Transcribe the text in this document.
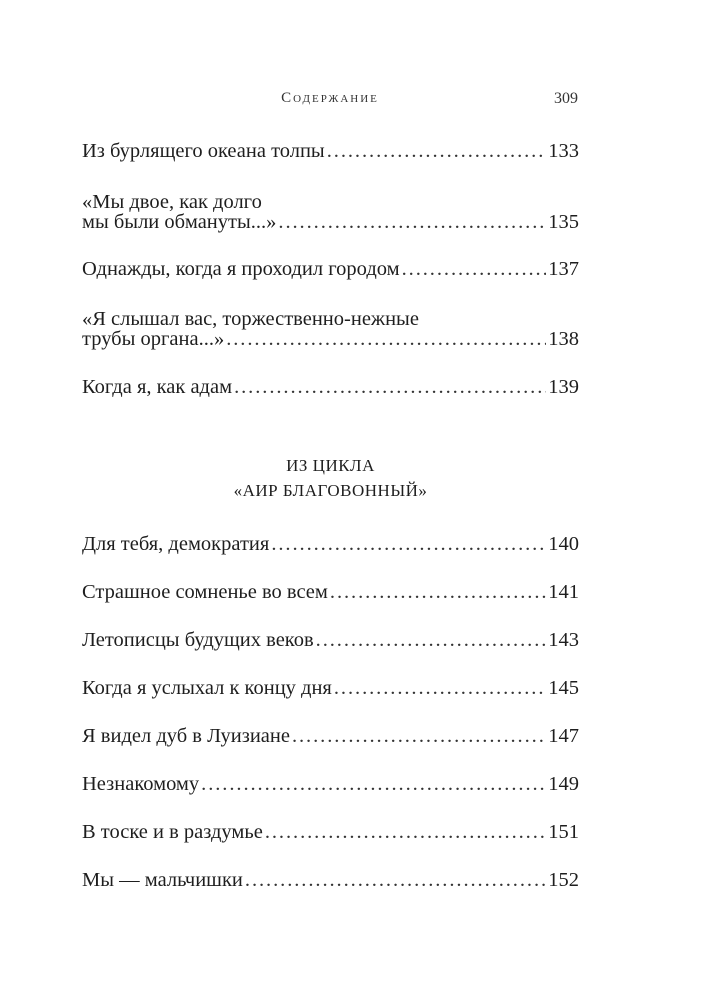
Содержание	309
Из бурлящего океана толпы . . .	133
«Мы двое, как долго
мы были обмануты...» . . .	135
Однажды, когда я проходил городом . . .	137
«Я слышал вас, торжественно-нежные
трубы органа...» . . .	138
Когда я, как адам . . .	139
ИЗ ЦИКЛА
«АИР БЛАГОВОННЫЙ»
Для тебя, демократия . . .	140
Страшное сомненье во всем . . .	141
Летописцы будущих веков . . .	143
Когда я услыхал к концу дня . . .	145
Я видел дуб в Луизиане . . .	147
Незнакомому . . .	149
В тоске и в раздумье . . .	151
Мы — мальчишки . . .	152
